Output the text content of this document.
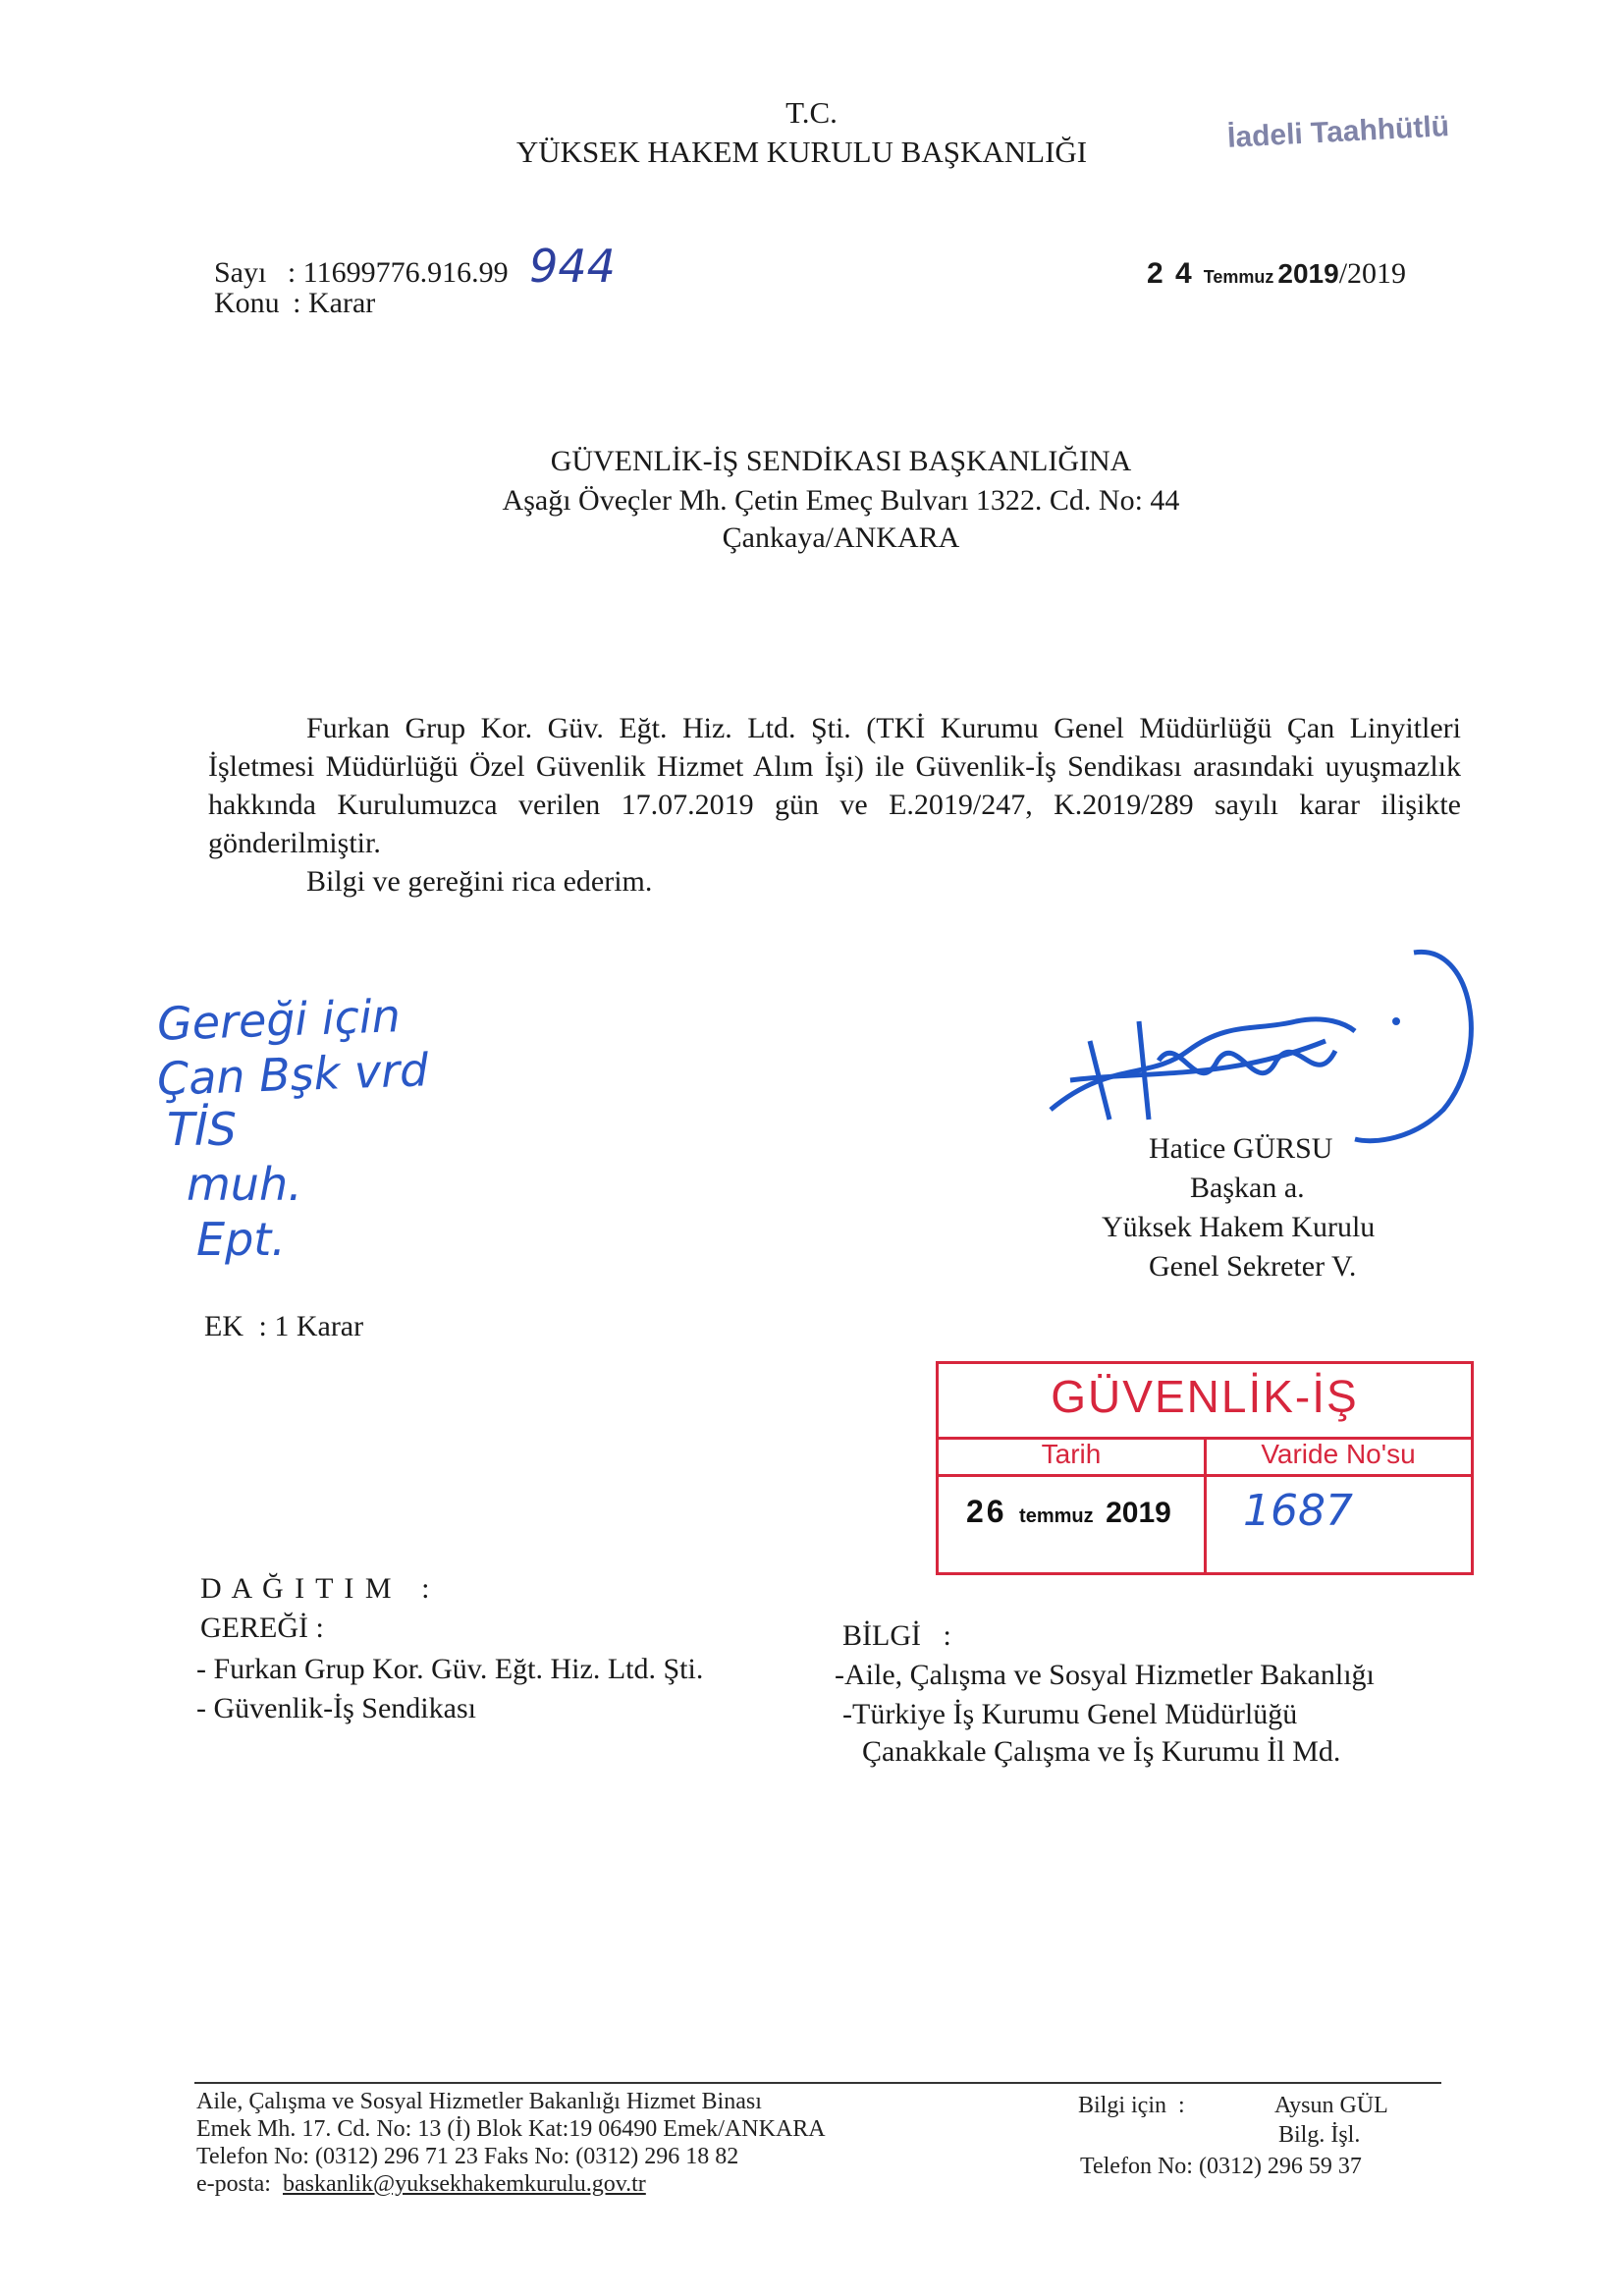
T.C.
YÜKSEK HAKEM KURULU BAŞKANLIĞI	İadeli Taahhütlü
Sayı : 11699776.916.99 944
Konu : Karar
2 4 Temmuz 2019/2019
GÜVENLİK-İŞ SENDİKASI BAŞKANLIĞINA
Aşağı Öveçler Mh. Çetin Emeç Bulvarı 1322. Cd. No: 44
Çankaya/ANKARA

Furkan Grup Kor. Güv. Eğt. Hiz. Ltd. Şti. (TKİ Kurumu Genel Müdürlüğü Çan Linyitleri İşletmesi Müdürlüğü Özel Güvenlik Hizmet Alım İşi) ile Güvenlik-İş Sendikası arasındaki uyuşmazlık hakkında Kurulumuzca verilen 17.07.2019 gün ve E.2019/247, K.2019/289 sayılı karar ilişikte gönderilmiştir.

Bilgi ve gereğini rica ederim.

Gereği için
Çan Bşk vrd
TİS
muh.
Ept.
Hatice GÜRSU
Başkan a.
Yüksek Hakem Kurulu
Genel Sekreter V.
EK : 1 Karar
GÜVENLİK-İŞ
Tarih	Varide No'su
26 temmuz 2019 1687
D A Ğ I T I M   :
GEREĞİ :
- Furkan Grup Kor. Güv. Eğt. Hiz. Ltd. Şti.
- Güvenlik-İş Sendikası
BİLGİ   :
-Aile, Çalışma ve Sosyal Hizmetler Bakanlığı
-Türkiye İş Kurumu Genel Müdürlüğü
Çanakkale Çalışma ve İş Kurumu İl Md.
Aile, Çalışma ve Sosyal Hizmetler Bakanlığı Hizmet Binası
Emek Mh. 17. Cd. No: 13 (İ) Blok Kat:19 06490 Emek/ANKARA
Telefon No: (0312) 296 71 23 Faks No: (0312) 296 18 82
e-posta: baskanlik@yuksekhakemkurulu.gov.tr
Bilgi için  :	Aysun GÜL
Bilg. İşl.
Telefon No: (0312) 296 59 37
